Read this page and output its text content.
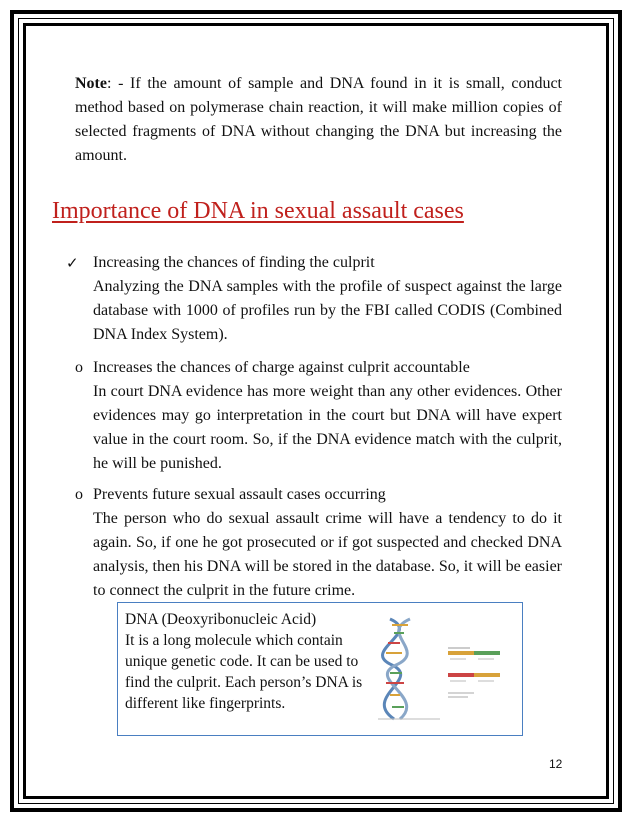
Note: - If the amount of sample and DNA found in it is small, conduct method based on polymerase chain reaction, it will make million copies of selected fragments of DNA without changing the DNA but increasing the amount.
Importance of DNA in sexual assault cases
✓ Increasing the chances of finding the culprit
Analyzing the DNA samples with the profile of suspect against the large database with 1000 of profiles run by the FBI called CODIS (Combined DNA Index System).
o Increases the chances of charge against culprit accountable
In court DNA evidence has more weight than any other evidences. Other evidences may go interpretation in the court but DNA will have expert value in the court room. So, if the DNA evidence match with the culprit, he will be punished.
o Prevents future sexual assault cases occurring
The person who do sexual assault crime will have a tendency to do it again. So, if one he got prosecuted or if got suspected and checked DNA analysis, then his DNA will be stored in the database. So, it will be easier to connect the culprit in the future crime.
DNA (Deoxyribonucleic Acid)
It is a long molecule which contain unique genetic code. It can be used to find the culprit. Each person’s DNA is different like fingerprints.
12
